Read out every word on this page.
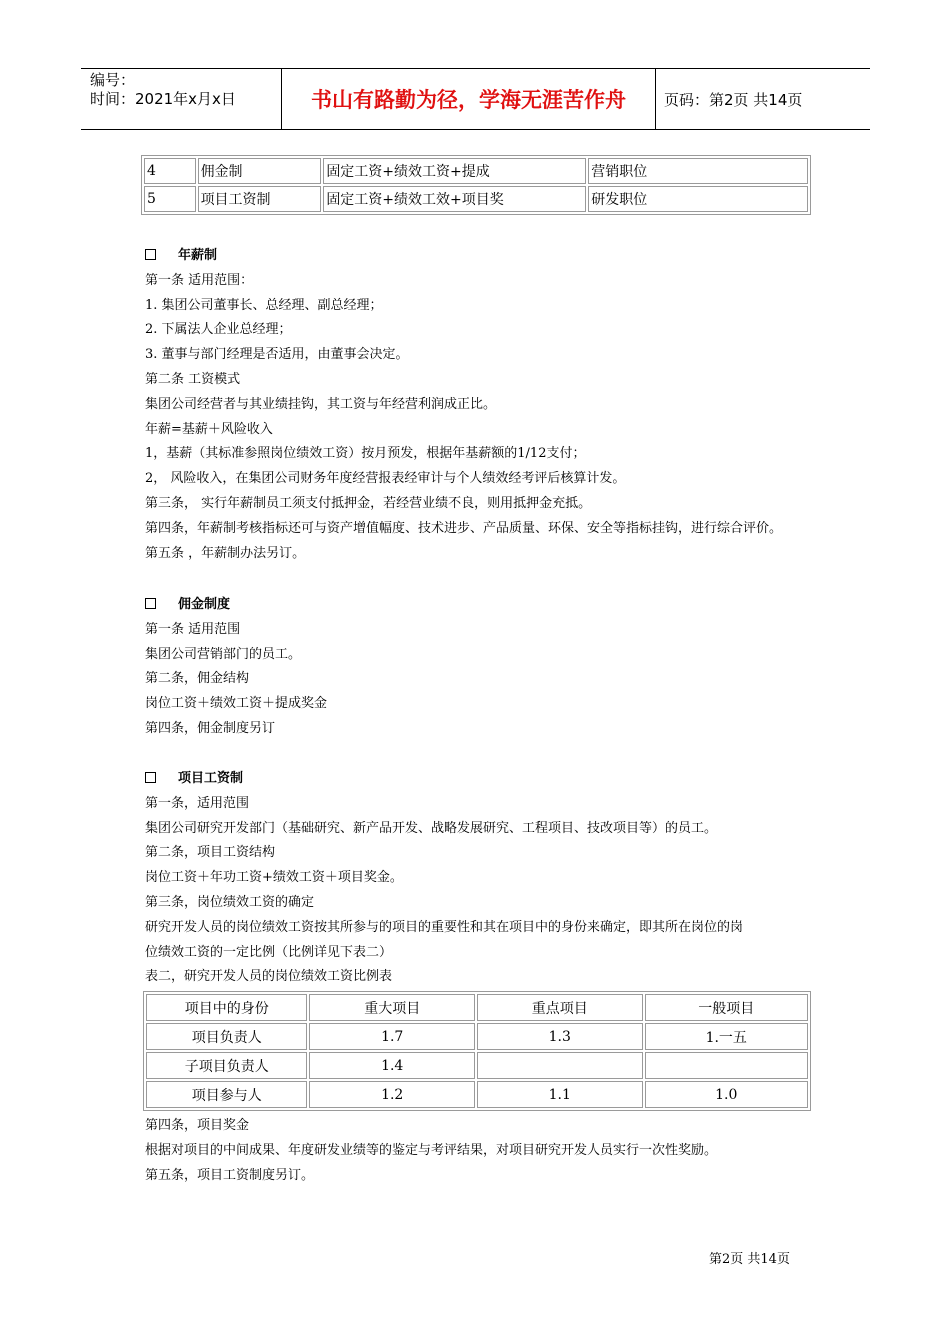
编号：
时间：2021年x月x日	书山有路勤为径，学海无涯苦作舟	页码：第2页 共14页
4	佣金制	固定工资+绩效工资+提成	营销职位
5	项目工资制	固定工资+绩效工效+项目奖	研发职位
年薪制
第一条 适用范围：
1. 集团公司董事长、总经理、副总经理；
2. 下属法人企业总经理；
3. 董事与部门经理是否适用，由董事会决定。
第二条 工资模式
集团公司经营者与其业绩挂钩，其工资与年经营利润成正比。
年薪=基薪＋风险收入
1，基薪（其标准参照岗位绩效工资）按月预发，根据年基薪额的1/12支付；
2， 风险收入，在集团公司财务年度经营报表经审计与个人绩效经考评后核算计发。
第三条， 实行年薪制员工须支付抵押金，若经营业绩不良，则用抵押金充抵。
第四条，年薪制考核指标还可与资产增值幅度、技术进步、产品质量、环保、安全等指标挂钩，进行综合评价。
第五条 ，年薪制办法另订。
佣金制度
第一条 适用范围
集团公司营销部门的员工。
第二条，佣金结构
岗位工资＋绩效工资＋提成奖金
第四条，佣金制度另订
项目工资制
第一条，适用范围
集团公司研究开发部门（基础研究、新产品开发、战略发展研究、工程项目、技改项目等）的员工。
第二条，项目工资结构
岗位工资＋年功工资+绩效工资＋项目奖金。
第三条，岗位绩效工资的确定
研究开发人员的岗位绩效工资按其所参与的项目的重要性和其在项目中的身份来确定，即其所在岗位的岗
位绩效工资的一定比例（比例详见下表二）
表二，研究开发人员的岗位绩效工资比例表
项目中的身份	重大项目	重点项目	一般项目
项目负责人	1.7	1.3	1.一五
子项目负责人	1.4		
项目参与人	1.2	1.1	1.0
第四条，项目奖金
根据对项目的中间成果、年度研发业绩等的鉴定与考评结果，对项目研究开发人员实行一次性奖励。
第五条，项目工资制度另订。
第2页 共14页
